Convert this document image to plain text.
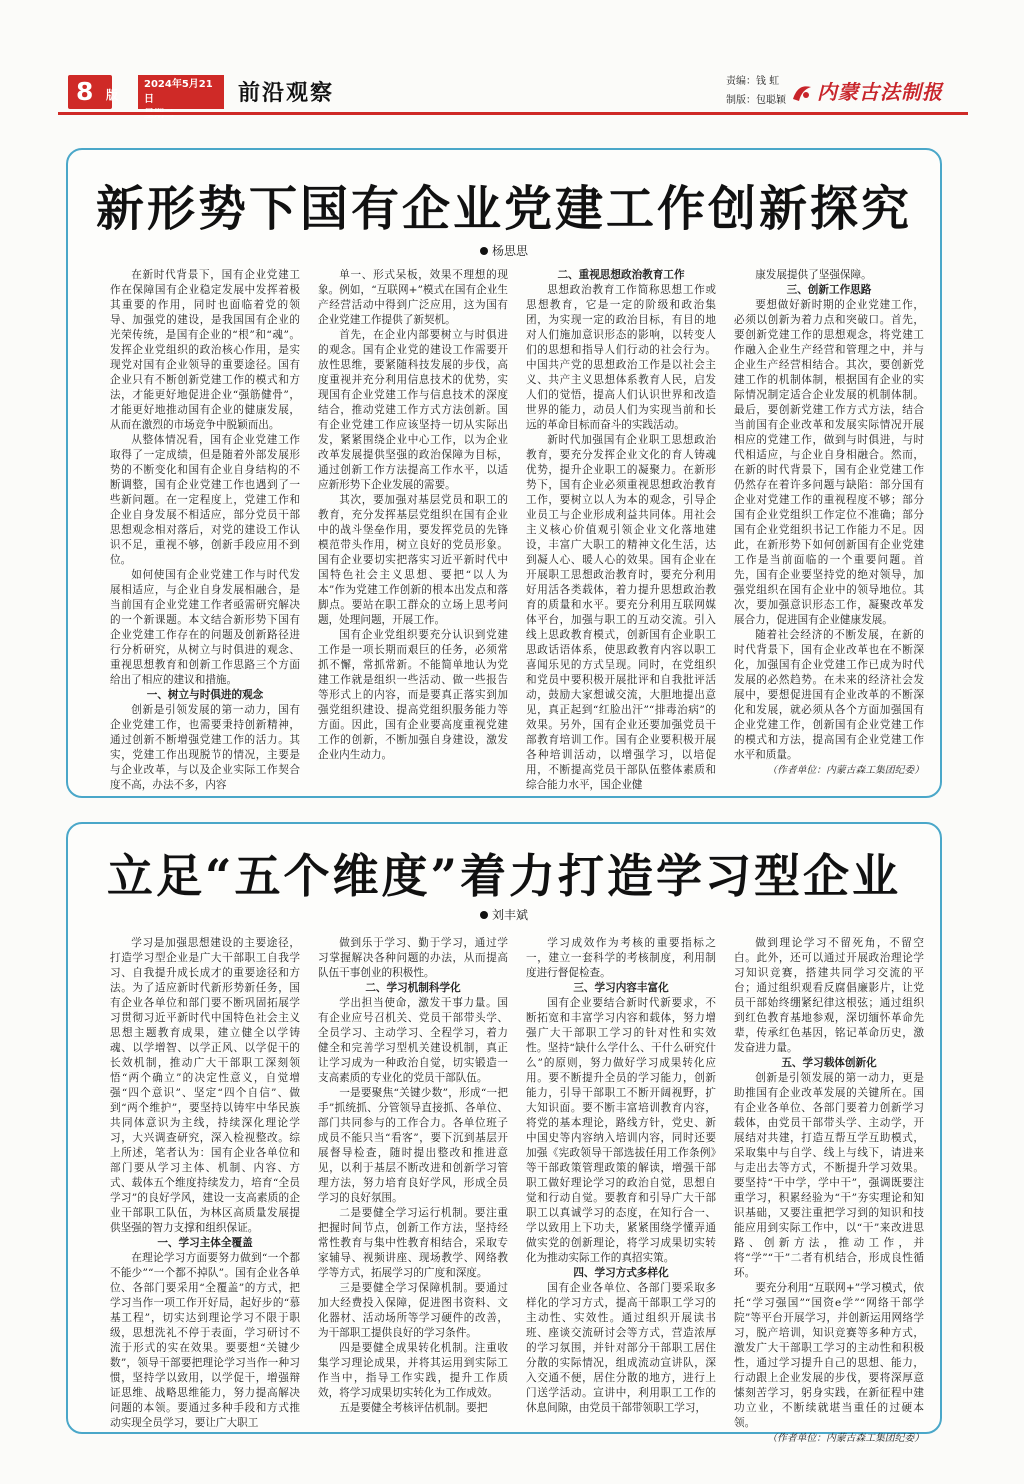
8 版
2024年5月21日	前沿观察	责编：钱 虹
制版：包聪颖	内蒙古法制报
新形势下国有企业党建工作创新探究
杨思思

在新时代背景下，国有企业党建工作在保障国有企业稳定发展中发挥着极其重要的作用，同时也面临着党的领导、加强党的建设，是我国国有企业的光荣传统，是国有企业的“根”和“魂”。发挥企业党组织的政治核心作用，是实现党对国有企业领导的重要途径。国有企业只有不断创新党建工作的模式和方法，才能更好地促进企业“强筋健骨”，才能更好地推动国有企业的健康发展，从而在激烈的市场竞争中脱颖而出。

从整体情况看，国有企业党建工作取得了一定成绩，但是随着外部发展形势的不断变化和国有企业自身结构的不断调整，国有企业党建工作也遇到了一些新问题。在一定程度上，党建工作和企业自身发展不相适应，部分党员干部思想观念相对落后，对党的建设工作认识不足，重视不够，创新手段应用不到位。

如何使国有企业党建工作与时代发展相适应，与企业自身发展相融合，是当前国有企业党建工作者亟需研究解决的一个新课题。本文结合新形势下国有企业党建工作存在的问题及创新路径进行分析研究，从树立与时俱进的观念、重视思想教育和创新工作思路三个方面给出了相应的建议和措施。

一、树立与时俱进的观念

创新是引领发展的第一动力，国有企业党建工作，也需要秉持创新精神，通过创新不断增强党建工作的活力。其实，党建工作出现脱节的情况，主要是与企业改革，与以及企业实际工作契合度不高，办法不多，内容

单一、形式呆板，效果不理想的现象。例如，“互联网+”模式在国有企业生产经营活动中得到广泛应用，这为国有企业党建工作提供了新契机。

首先，在企业内部要树立与时俱进的观念。国有企业党的建设工作需要开放性思维，要紧随科技发展的步伐，高度重视并充分利用信息技术的优势，实现国有企业党建工作与信息技术的深度结合，推动党建工作方式方法创新。国有企业党建工作应该坚持一切从实际出发，紧紧围绕企业中心工作，以为企业改革发展提供坚强的政治保障为目标，通过创新工作方法提高工作水平，以适应新形势下企业发展的需要。

其次，要加强对基层党员和职工的教育，充分发挥基层党组织在国有企业中的战斗堡垒作用，要发挥党员的先锋模范带头作用，树立良好的党员形象。国有企业要切实把落实习近平新时代中国特色社会主义思想、要把“以人为本”作为党建工作创新的根本出发点和落脚点。要站在职工群众的立场上思考问题，处理问题，开展工作。

国有企业党组织要充分认识到党建工作是一项长期而艰巨的任务，必须常抓不懈，常抓常新。不能简单地认为党建工作就是组织一些活动、做一些报告等形式上的内容，而是要真正落实到加强党组织建设、提高党组织服务能力等方面。因此，国有企业要高度重视党建工作的创新，不断加强自身建设，激发企业内生动力。

二、重视思想政治教育工作

思想政治教育工作简称思想工作或思想教育，它是一定的阶级和政治集团，为实现一定的政治目标，有目的地对人们施加意识形态的影响，以转变人们的思想和指导人们行动的社会行为。中国共产党的思想政治工作是以社会主义、共产主义思想体系教育人民，启发人们的觉悟，提高人们认识世界和改造世界的能力，动员人们为实现当前和长远的革命目标而奋斗的实践活动。

新时代加强国有企业职工思想政治教育，要充分发挥企业文化的育人铸魂优势，提升企业职工的凝聚力。在新形势下，国有企业必须重视思想政治教育工作，要树立以人为本的观念，引导企业员工与企业形成利益共同体。用社会主义核心价值观引领企业文化落地建设，丰富广大职工的精神文化生活，达到凝人心、暖人心的效果。国有企业在开展职工思想政治教育时，要充分利用好用活各类载体，着力提升思想政治教育的质量和水平。要充分利用互联网媒体平台，加强与职工的互动交流。引入线上思政教育模式，创新国有企业职工思政话语体系，使思政教育内容以职工喜闻乐见的方式呈现。同时，在党组织和党员中要积极开展批评和自我批评活动，鼓励大家想诚交流，大胆地提出意见，真正起到“红脸出汗”“排毒治病”的效果。另外，国有企业还要加强党员干部教育培训工作。国有企业要积极开展各种培训活动，以增强学习，以培促用，不断提高党员干部队伍整体素质和综合能力水平，国企业健

康发展提供了坚强保障。

三、创新工作思路

要想做好新时期的企业党建工作，必须以创新为着力点和突破口。首先，要创新党建工作的思想观念，将党建工作融入企业生产经营和管理之中，并与企业生产经营相结合。其次，要创新党建工作的机制体制，根据国有企业的实际情况制定适合企业发展的机制体制。最后，要创新党建工作方式方法，结合当前国有企业改革和发展实际情况开展相应的党建工作，做到与时俱进，与时代相适应，与企业自身相融合。然而，在新的时代背景下，国有企业党建工作仍然存在着许多问题与缺陷：部分国有企业对党建工作的重视程度不够；部分国有企业党组织工作定位不准确；部分国有企业党组织书记工作能力不足。因此，在新形势下如何创新国有企业党建工作是当前面临的一个重要问题。首先，国有企业要坚持党的绝对领导，加强党组织在国有企业中的领导地位。其次，要加强意识形态工作，凝聚改革发展合力，促进国有企业健康发展。

随着社会经济的不断发展，在新的时代背景下，国有企业改革也在不断深化，加强国有企业党建工作已成为时代发展的必然趋势。在未来的经济社会发展中，要想促进国有企业改革的不断深化和发展，就必须从各个方面加强国有企业党建工作，创新国有企业党建工作的模式和方法，提高国有企业党建工作水平和质量。

（作者单位：内蒙古森工集团纪委）

立足“五个维度”着力打造学习型企业
刘丰斌

学习是加强思想建设的主要途径，打造学习型企业是广大干部职工自我学习、自我提升成长成才的重要途径和方法。为了适应新时代新形势新任务，国有企业各单位和部门要不断巩固拓展学习贯彻习近平新时代中国特色社会主义思想主题教育成果，建立健全以学铸魂、以学增智、以学正风、以学促干的长效机制，推动广大干部职工深刻领悟“两个确立”的决定性意义，自觉增强“四个意识”、坚定“四个自信”、做到“两个维护”，要坚持以铸牢中华民族共同体意识为主线，持续深化理论学习，大兴调查研究，深入检视整改。综上所述，笔者认为：国有企业各单位和部门要从学习主体、机制、内容、方式、载体五个维度持续发力，培育“全员学习”的良好学风，建设一支高素质的企业干部职工队伍，为林区高质量发展提供坚强的智力支撑和组织保证。

一、学习主体全覆盖

在理论学习方面要努力做到“一个都不能少”“一个都不掉队”。国有企业各单位、各部门要采用“全覆盖”的方式，把学习当作一项工作开好局，起好步的“慕基工程”，切实达到理论学习不限于职级，思想洗礼不停于表面，学习研讨不流于形式的实在效果。要要想“关键少数”，领导干部要把理论学习当作一种习惯，坚持学以致用，以学促干，增强辩证思维、战略思维能力，努力提高解决问题的本领。要通过多种手段和方式推动实现全员学习，要让广大职工

做到乐于学习、勤于学习，通过学习掌握解决各种问题的办法，从而提高队伍干事创业的积极性。

二、学习机制科学化

学出担当使命，激发干事力量。国有企业应号召机关、党员干部带头学、全员学习、主动学习、全程学习，着力健全和完善学习型机关建设机制，真正让学习成为一种政治自觉，切实锻造一支高素质的专业化的党员干部队伍。

一是要聚焦“关键少数”，形成“一把手”抓统抓、分管领导直接抓、各单位、部门共同参与的工作合力。各单位班子成员不能只当“看客”，要下沉到基层开展督导检查，随时提出整改和推进意见，以利于基层不断改进和创新学习管理方法，努力培育良好学风，形成全员学习的良好氛围。

二是要健全学习运行机制。要注重把握时间节点，创新工作方法，坚持经常性教育与集中性教育相结合，采取专家辅导、视频讲座、现场教学、网络教学等方式，拓展学习的广度和深度。

三是要健全学习保障机制。要通过加大经费投入保障，促进图书资料、文化器材、活动场所等学习硬件的改善，为干部职工提供良好的学习条件。

四是要健全成果转化机制。注重收集学习理论成果，并将其运用到实际工作当中，指导工作实践，提升工作质效，将学习成果切实转化为工作成效。

五是要健全考核评估机制。要把

学习成效作为考核的重要指标之一，建立一套科学的考核制度，利用制度进行督促检查。

三、学习内容丰富化

国有企业要结合新时代新要求，不断拓宽和丰富学习内容和载体，努力增强广大干部职工学习的针对性和实效性。坚持“缺什么学什么、干什么研究什么”的原则，努力做好学习成果转化应用。要不断提升全员的学习能力，创新能力，引导干部职工不断开阔视野，扩大知识面。要不断丰富培训教育内容，将党的基本理论，路线方针，党史、新中国史等内容纳入培训内容，同时还要加强《宪政领导干部选拔任用工作条例》等干部政策管理政策的解读，增强干部职工做好理论学习的政治自觉，思想自觉和行动自觉。要教育和引导广大干部职工以真诚学习的态度，在知行合一、学以致用上下功夫，紧紧围绕学懂弄通做实党的创新理论，将学习成果切实转化为推动实际工作的真招实策。

四、学习方式多样化

国有企业各单位、各部门要采取多样化的学习方式，提高干部职工学习的主动性、实效性。通过组织开展读书班、座谈交流研讨会等方式，营造浓厚的学习氛围，并针对部分干部职工居住分散的实际情况，组成流动宣讲队，深入交通不便，居住分散的地方，进行上门送学活动。宣讲中，利用职工工作的休息间隙，由党员干部带领职工学习，

做到理论学习不留死角，不留空白。此外，还可以通过开展政治理论学习知识竞赛，搭建共同学习交流的平台；通过组织观看反腐倡廉影片，让党员干部始终绷紧纪律这根弦；通过组织到红色教育基地参观，深切缅怀革命先辈，传承红色基因，铭记革命历史，激发奋进力量。

五、学习载体创新化

创新是引领发展的第一动力，更是助推国有企业改革发展的关键所在。国有企业各单位、各部门要着力创新学习载体，由党员干部带头学、主动学，开展结对共建，打造互帮互学互助模式，采取集中与自学、线上与线下，请进来与走出去等方式，不断提升学习效果。要坚持“干中学，学中干”，强调既要注重学习，积累经验为“干”夯实理论和知识基础，又要注重把学习到的知识和技能应用到实际工作中，以“干”来改进思路、创新方法，推动工作，并将“学”“干”二者有机结合，形成良性循环。

要充分利用“互联网+”学习模式，依托“学习强国”“国资e学”“网络干部学院”等平台开展学习，并创新运用网络学习，脱产培训，知识竞赛等多种方式，激发广大干部职工学习的主动性和积极性，通过学习提升自己的思想、能力，行动跟上企业发展的步伐，要将深厚意愫刻苦学习，躬身实践，在新征程中建功立业，不断续就堪当重任的过硬本领。

（作者单位：内蒙古森工集团纪委）
